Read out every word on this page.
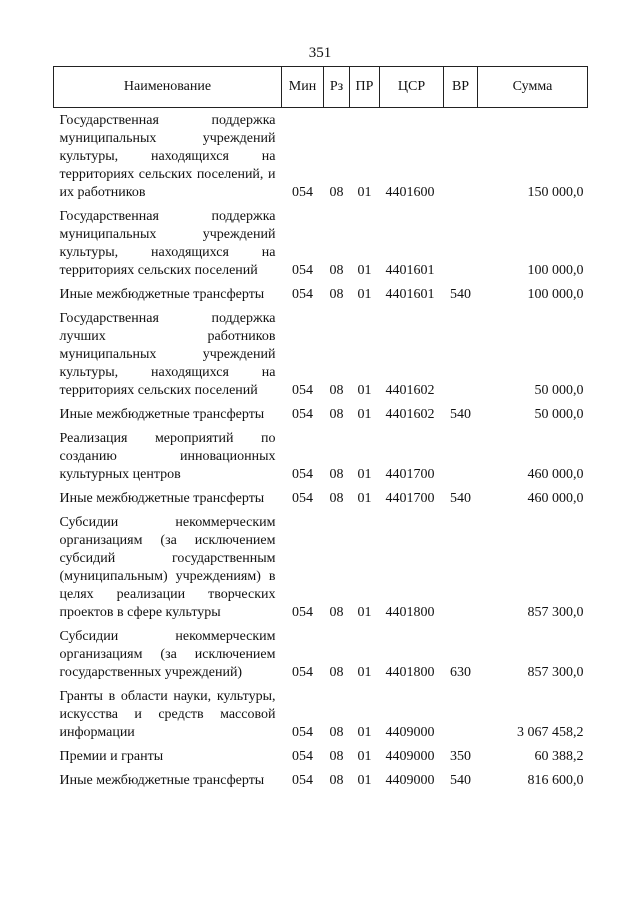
351
Наименование	Мин	Рз	ПР	ЦСР	ВР	Сумма

Государственная поддержка муниципальных учреждений культуры, находящихся на территориях сельских поселений, и их работников	054	08	01	4401600		150 000,0

Государственная поддержка муниципальных учреждений культуры, находящихся на территориях сельских поселений	054	08	01	4401601		100 000,0

Иные межбюджетные трансферты	054	08	01	4401601	540	100 000,0

Государственная поддержка лучших работников муниципальных учреждений культуры, находящихся на территориях сельских поселений	054	08	01	4401602		50 000,0

Иные межбюджетные трансферты	054	08	01	4401602	540	50 000,0

Реализация мероприятий по созданию инновационных культурных центров	054	08	01	4401700		460 000,0

Иные межбюджетные трансферты	054	08	01	4401700	540	460 000,0

Субсидии некоммерческим организациям (за исключением субсидий государственным (муниципальным) учреждениям) в целях реализации творческих проектов в сфере культуры	054	08	01	4401800		857 300,0

Субсидии некоммерческим организациям (за исключением государственных учреждений)	054	08	01	4401800	630	857 300,0

Гранты в области науки, культуры, искусства и средств массовой информации	054	08	01	4409000		3 067 458,2

Премии и гранты	054	08	01	4409000	350	60 388,2

Иные межбюджетные трансферты	054	08	01	4409000	540	816 600,0
